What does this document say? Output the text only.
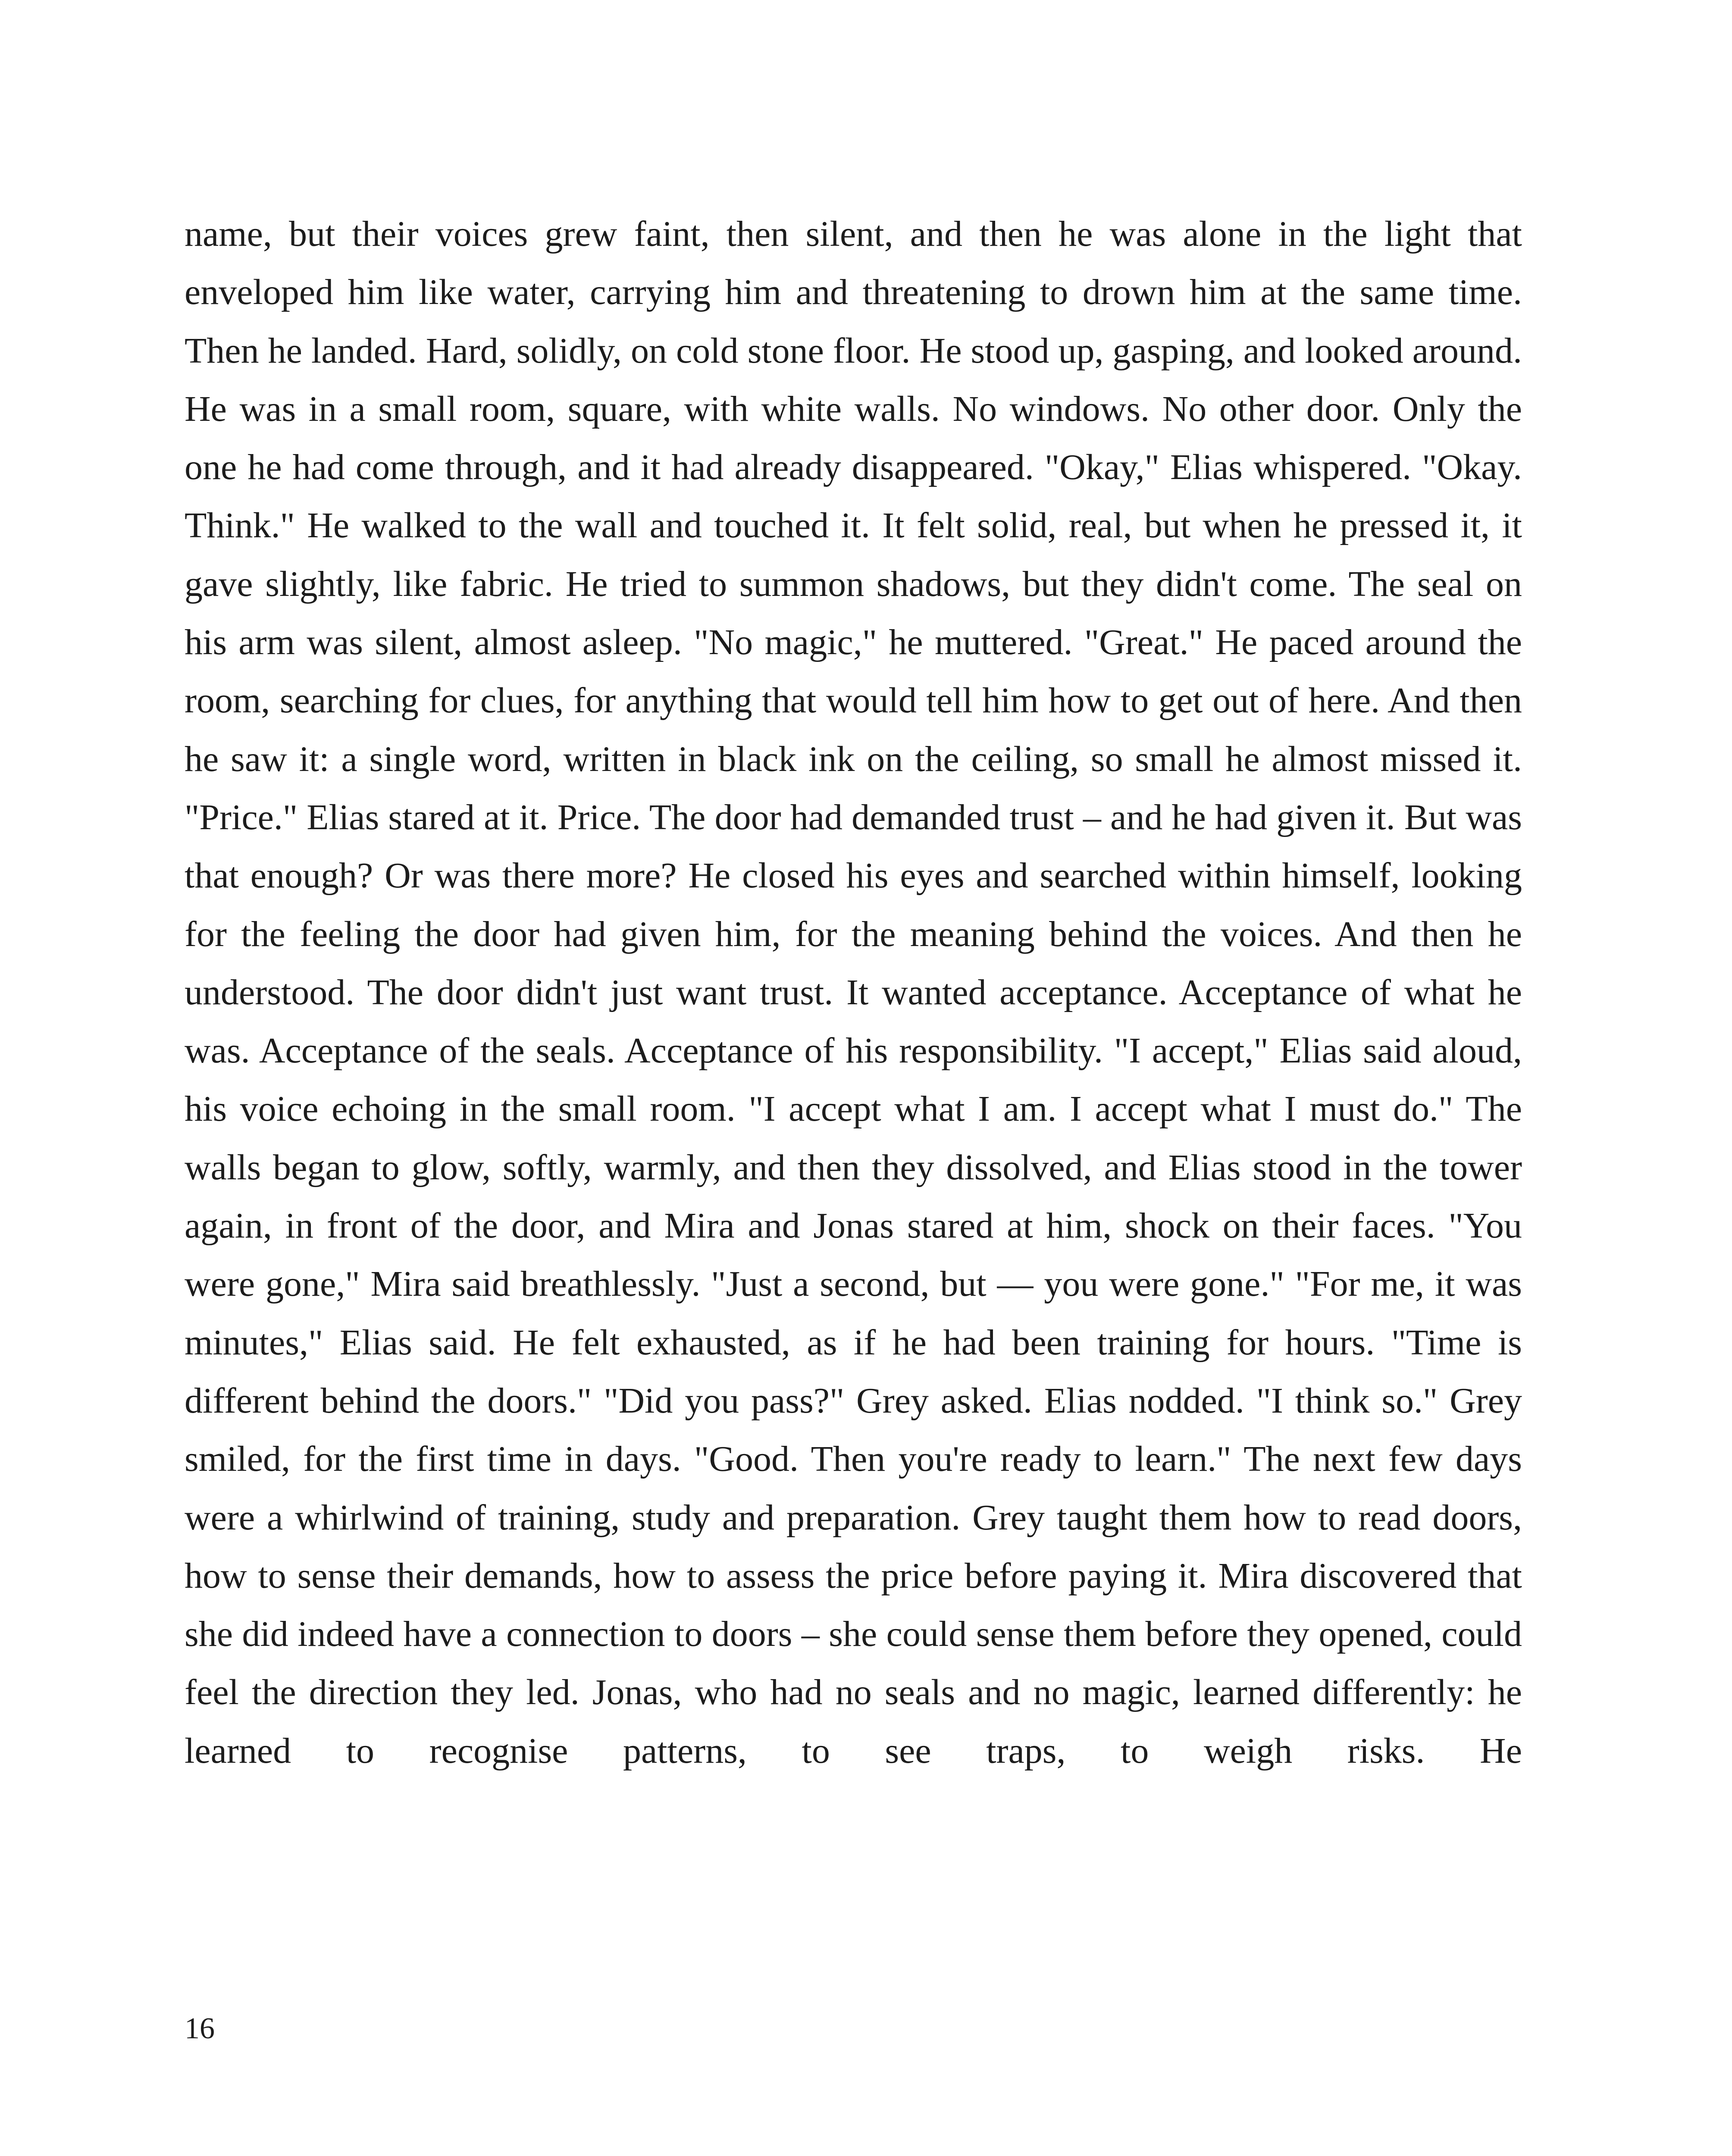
name, but their voices grew faint, then silent, and then he was alone in the light that enveloped him like water, carrying him and threatening to drown him at the same time. Then he landed. Hard, solidly, on cold stone floor. He stood up, gasping, and looked around. He was in a small room, square, with white walls. No windows. No other door. Only the one he had come through, and it had already disappeared. "Okay," Elias whispered. "Okay. Think." He walked to the wall and touched it. It felt solid, real, but when he pressed it, it gave slightly, like fabric. He tried to summon shadows, but they didn't come. The seal on his arm was silent, almost asleep. "No magic," he muttered. "Great." He paced around the room, searching for clues, for anything that would tell him how to get out of here. And then he saw it: a single word, written in black ink on the ceiling, so small he almost missed it. "Price." Elias stared at it. Price. The door had demanded trust – and he had given it. But was that enough? Or was there more? He closed his eyes and searched within himself, looking for the feeling the door had given him, for the meaning behind the voices. And then he understood. The door didn't just want trust. It wanted acceptance. Acceptance of what he was. Acceptance of the seals. Acceptance of his responsibility. "I accept," Elias said aloud, his voice echoing in the small room. "I accept what I am. I accept what I must do." The walls began to glow, softly, warmly, and then they dissolved, and Elias stood in the tower again, in front of the door, and Mira and Jonas stared at him, shock on their faces. "You were gone," Mira said breathlessly. "Just a second, but — you were gone." "For me, it was minutes," Elias said. He felt exhausted, as if he had been training for hours. "Time is different behind the doors." "Did you pass?" Grey asked. Elias nodded. "I think so." Grey smiled, for the first time in days. "Good. Then you're ready to learn." The next few days were a whirlwind of training, study and preparation. Grey taught them how to read doors, how to sense their demands, how to assess the price before paying it. Mira discovered that she did indeed have a connection to doors – she could sense them before they opened, could feel the direction they led. Jonas, who had no seals and no magic, learned differently: he learned to recognise patterns, to see traps, to weigh risks. He

16
